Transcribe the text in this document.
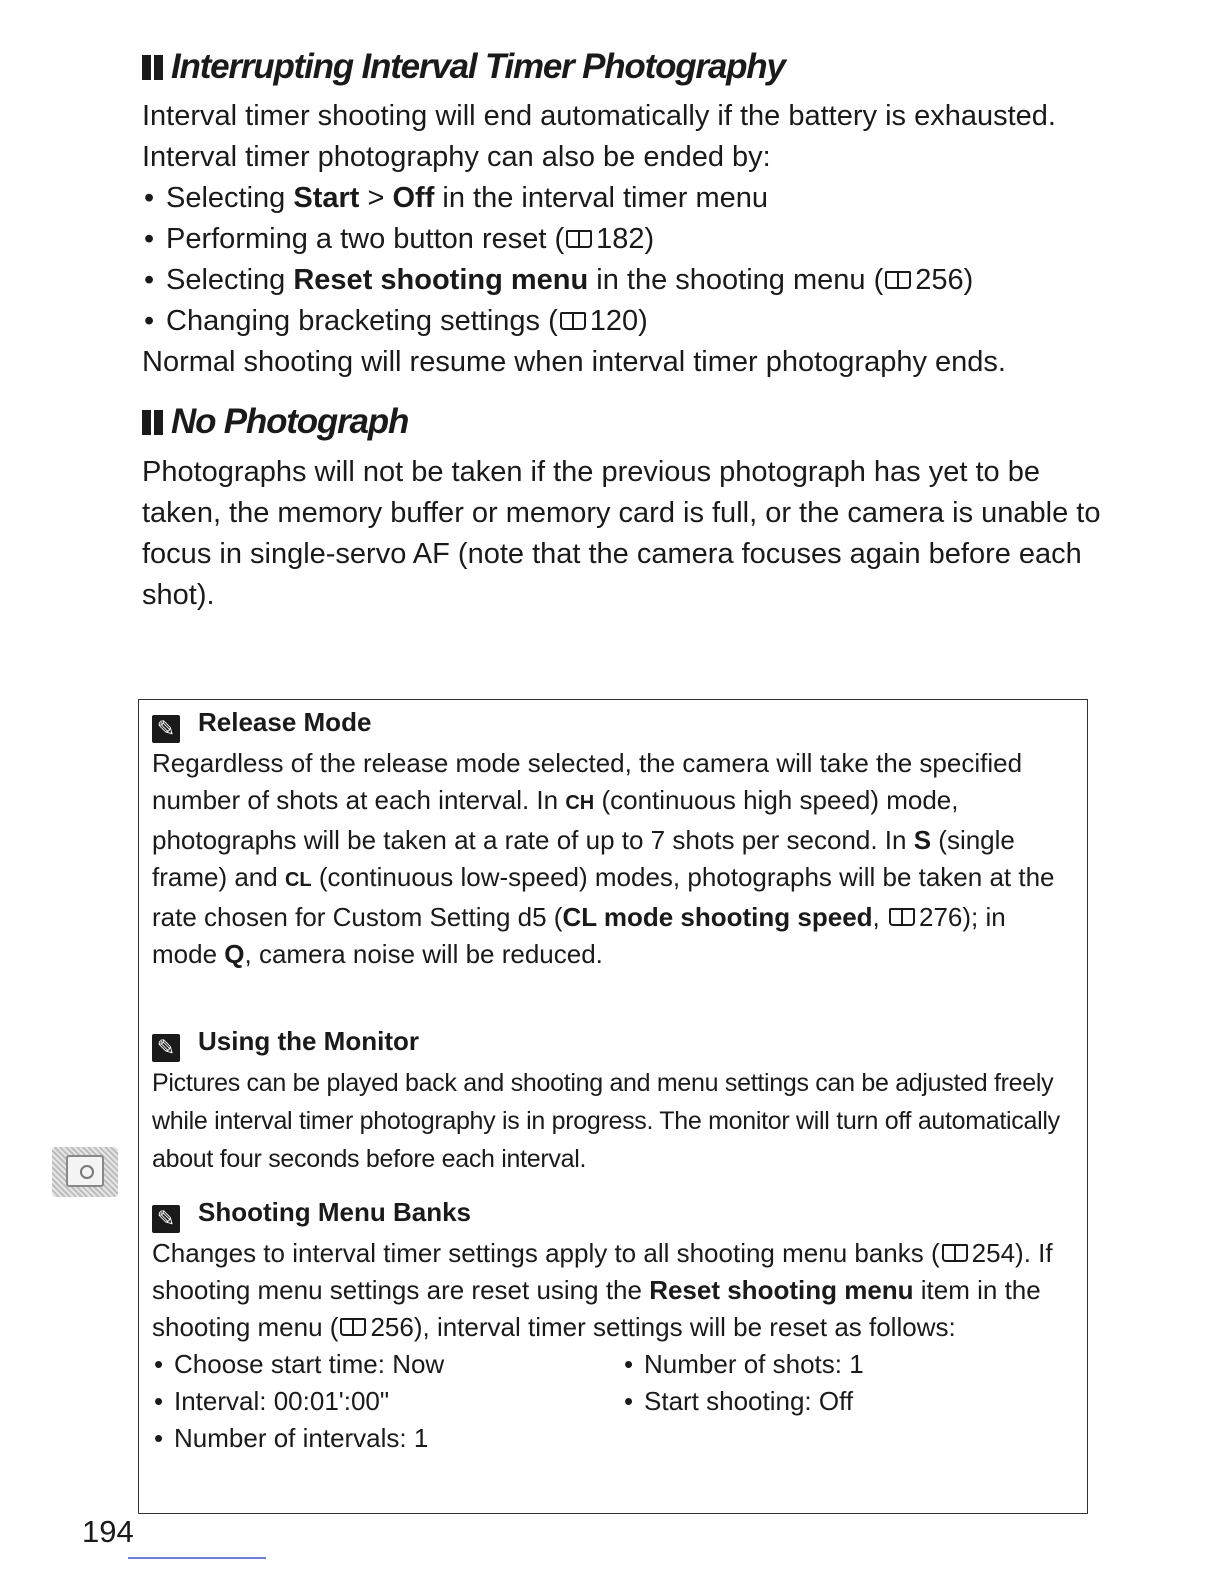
Interrupting Interval Timer Photography

Interval timer shooting will end automatically if the battery is exhausted. Interval timer photography can also be ended by:

• Selecting Start > Off in the interval timer menu
• Performing a two button reset ( 182)
• Selecting Reset shooting menu in the shooting menu ( 256)
• Changing bracketing settings ( 120)

Normal shooting will resume when interval timer photography ends.

No Photograph

Photographs will not be taken if the previous photograph has yet to be taken, the memory buffer or memory card is full, or the camera is unable to focus in single-servo AF (note that the camera focuses again before each shot).

✎ Release Mode

Regardless of the release mode selected, the camera will take the specified number of shots at each interval. In CH (continuous high speed) mode, photographs will be taken at a rate of up to 7 shots per second. In S (single frame) and CL (continuous low-speed) modes, photographs will be taken at the rate chosen for Custom Setting d5 (CL mode shooting speed, 276); in mode Q, camera noise will be reduced.

✎ Using the Monitor

Pictures can be played back and shooting and menu settings can be adjusted freely while interval timer photography is in progress. The monitor will turn off automatically about four seconds before each interval.

✎ Shooting Menu Banks

Changes to interval timer settings apply to all shooting menu banks ( 254). If shooting menu settings are reset using the Reset shooting menu item in the shooting menu ( 256), interval timer settings will be reset as follows:

• Choose start time: Now
• Interval: 00:01':00"
• Number of intervals: 1
• Number of shots: 1
• Start shooting: Off
194
